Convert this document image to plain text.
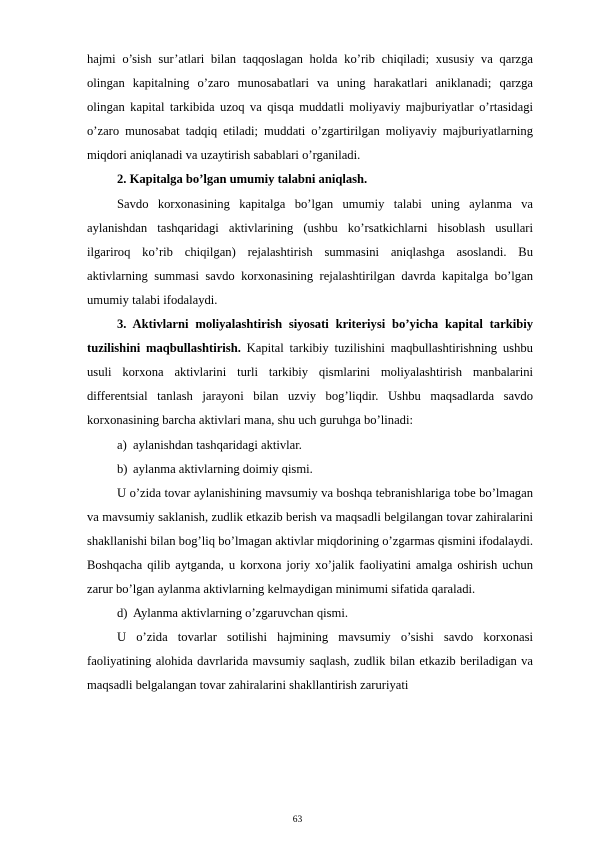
hajmi o’sish sur’atlari bilan taqqoslagan holda ko’rib chiqiladi; xususiy va qarzga olingan kapitalning o’zaro munosabatlari va uning harakatlari aniklanadi; qarzga olingan kapital tarkibida uzoq va qisqa muddatli moliyaviy majburiyatlar o’rtasidagi o’zaro munosabat tadqiq etiladi; muddati o’zgartirilgan moliyaviy majburiyatlarning miqdori aniqlanadi va uzaytirish sabablari o’rganiladi.

2. Kapitalga bo’lgan umumiy talabni aniqlash.

Savdo korxonasining kapitalga bo’lgan umumiy talabi uning aylanma va aylanishdan tashqaridagi aktivlarining (ushbu ko’rsatkichlarni hisoblash usullari ilgariroq ko’rib chiqilgan) rejalashtirish summasini aniqlashga asoslandi. Bu aktivlarning summasi savdo korxonasining rejalashtirilgan davrda kapitalga bo’lgan umumiy talabi ifodalaydi.

3. Aktivlarni moliyalashtirish siyosati kriteriysi bo’yicha kapital tarkibiy tuzilishini maqbullashtirish. Kapital tarkibiy tuzilishini maqbullashtirishning ushbu usuli korxona aktivlarini turli tarkibiy qismlarini moliyalashtirish manbalarini differentsial tanlash jarayoni bilan uzviy bog’liqdir. Ushbu maqsadlarda savdo korxonasining barcha aktivlari mana, shu uch guruhga bo’linadi:

a) aylanishdan tashqaridagi aktivlar.

b) aylanma aktivlarning doimiy qismi.

U o’zida tovar aylanishining mavsumiy va boshqa tebranishlariga tobe bo’lmagan va mavsumiy saklanish, zudlik etkazib berish va maqsadli belgilangan tovar zahiralarini shakllanishi bilan bog’liq bo’lmagan aktivlar miqdorining o’zgarmas qismini ifodalaydi. Boshqacha qilib aytganda, u korxona joriy xo’jalik faoliyatini amalga oshirish uchun zarur bo’lgan aylanma aktivlarning kelmaydigan minimumi sifatida qaraladi.

d) Aylanma aktivlarning o’zgaruvchan qismi.

U o’zida tovarlar sotilishi hajmining mavsumiy o’sishi savdo korxonasi faoliyatining alohida davrlarida mavsumiy saqlash, zudlik bilan etkazib beriladigan va maqsadli belgalangan tovar zahiralarini shakllantirish zaruriyati

63
